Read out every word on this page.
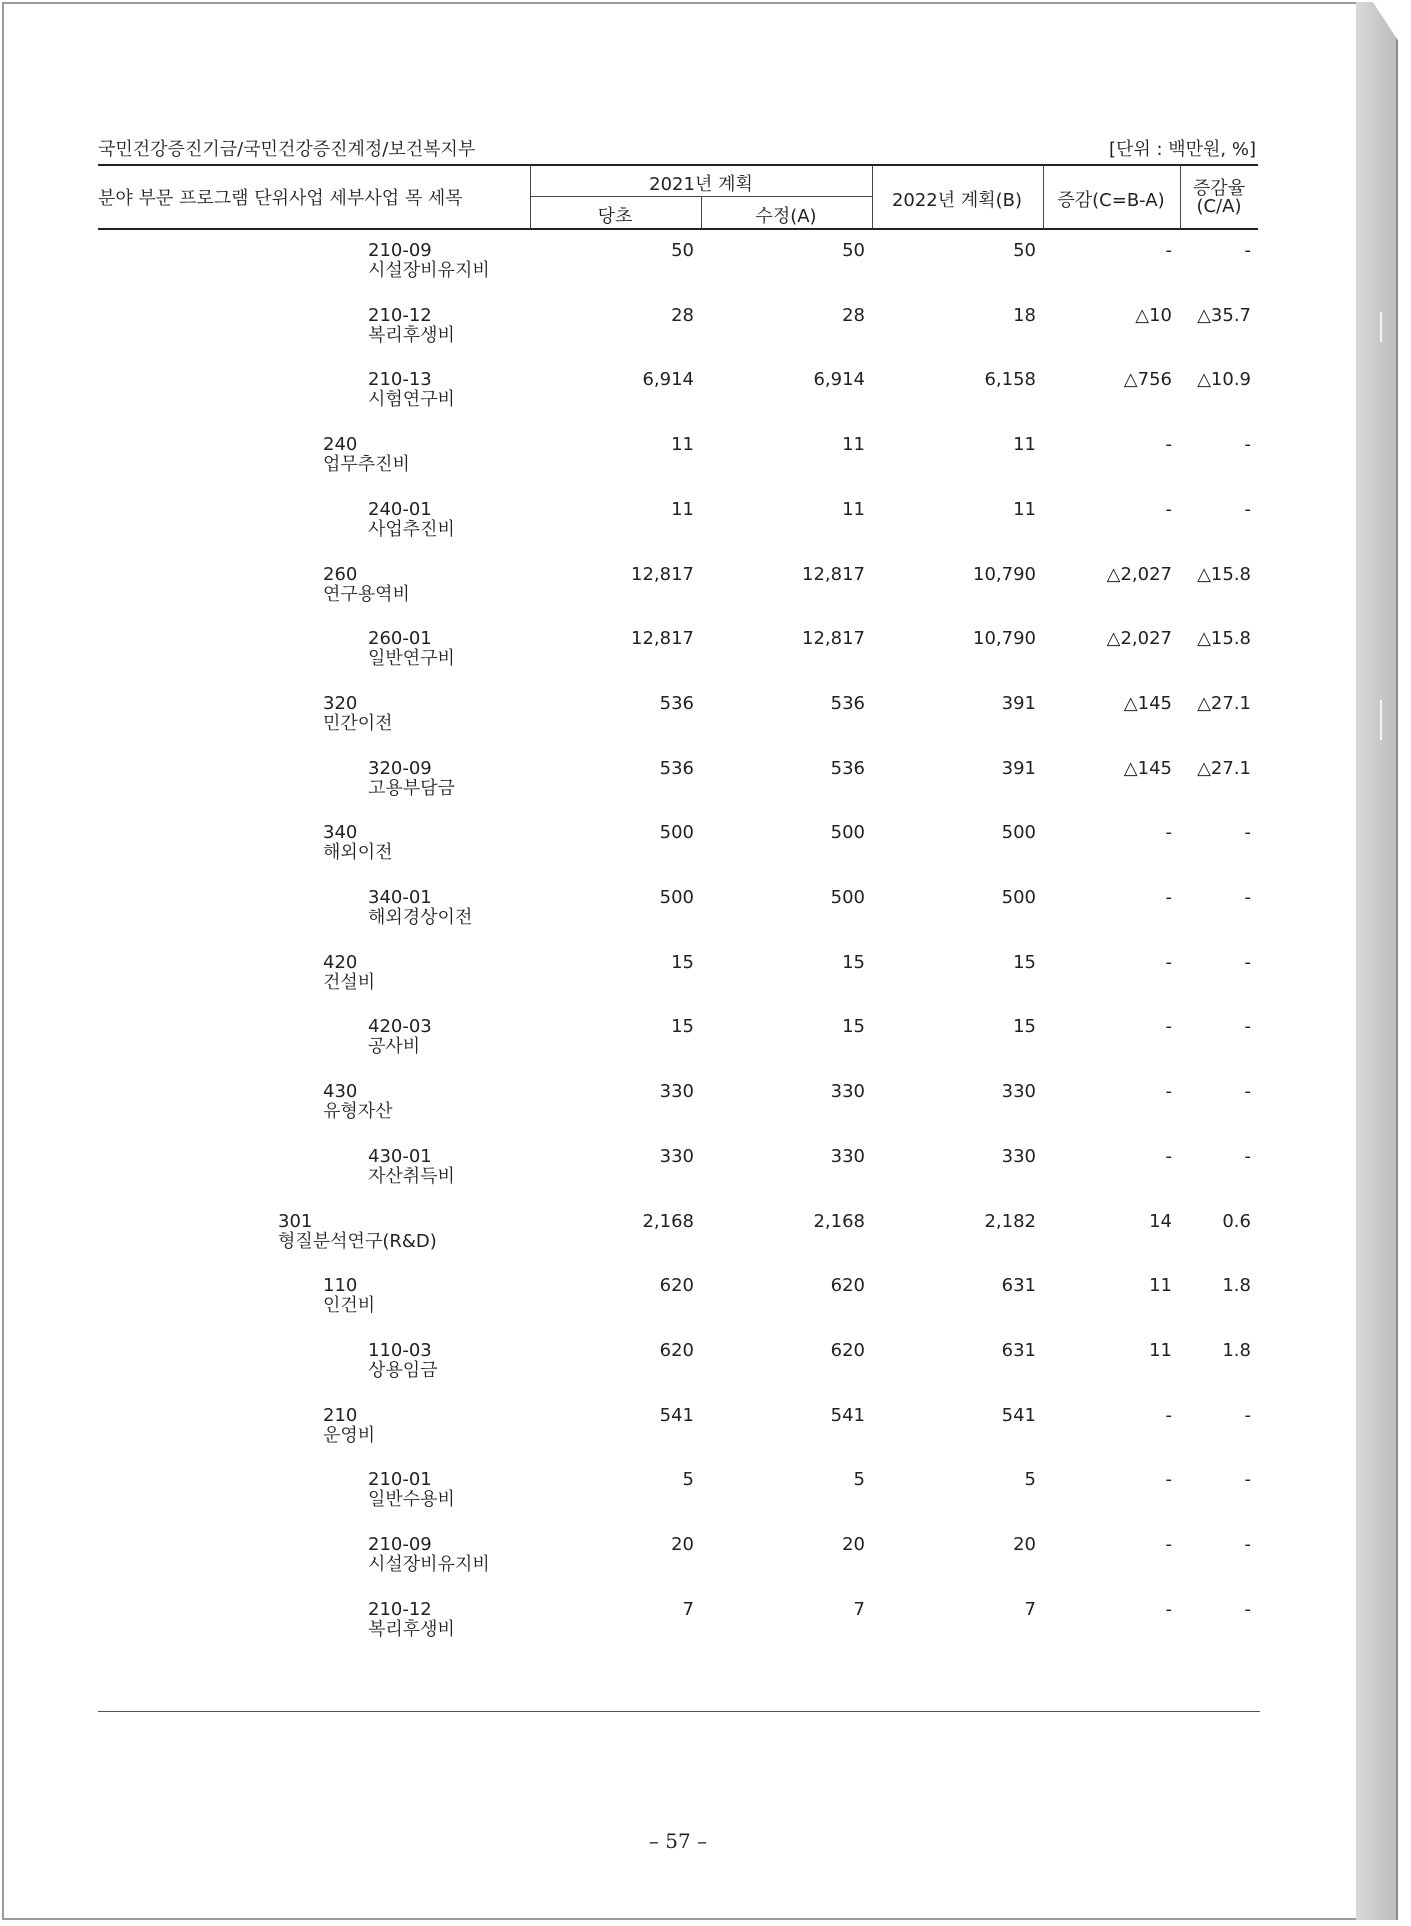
국민건강증진기금/국민건강증진계정/보건복지부	[단위 : 백만원, %]
분야 부문 프로그램 단위사업 세부사업 목 세목
2021년 계획
당초	수정(A)
2022년 계획(B) 증감(C=B-A)
증감율
(C/A)
210-09
시설장비유지비
50	50	50	-	-
210-12
복리후생비
28	28	18	△10 △35.7
210-13
시험연구비
6,914	6,914	6,158	△756 △10.9
240
업무추진비
11	11	11	-	-
240-01
사업추진비
11	11	11	-	-
260
연구용역비
12,817	12,817	10,790	△2,027 △15.8
260-01
일반연구비
12,817	12,817	10,790	△2,027 △15.8
320
민간이전
536	536	391	△145 △27.1
320-09
고용부담금
536	536	391	△145 △27.1
340
해외이전
500	500	500	-	-
340-01
해외경상이전
500	500	500	-	-
420
건설비
15	15	15	-	-
420-03
공사비
15	15	15	-	-
430
유형자산
330	330	330	-	-
430-01
자산취득비
330	330	330	-	-
301
형질분석연구(R&D)
2,168	2,168	2,182	14	0.6
110
인건비
620	620	631	11	1.8
110-03
상용임금
620	620	631	11	1.8
210
운영비
541	541	541	-	-
210-01
일반수용비
5	5	5	-	-
210-09
시설장비유지비
20	20	20	-	-
210-12
복리후생비
7	7	7	-	-
– 57 –
